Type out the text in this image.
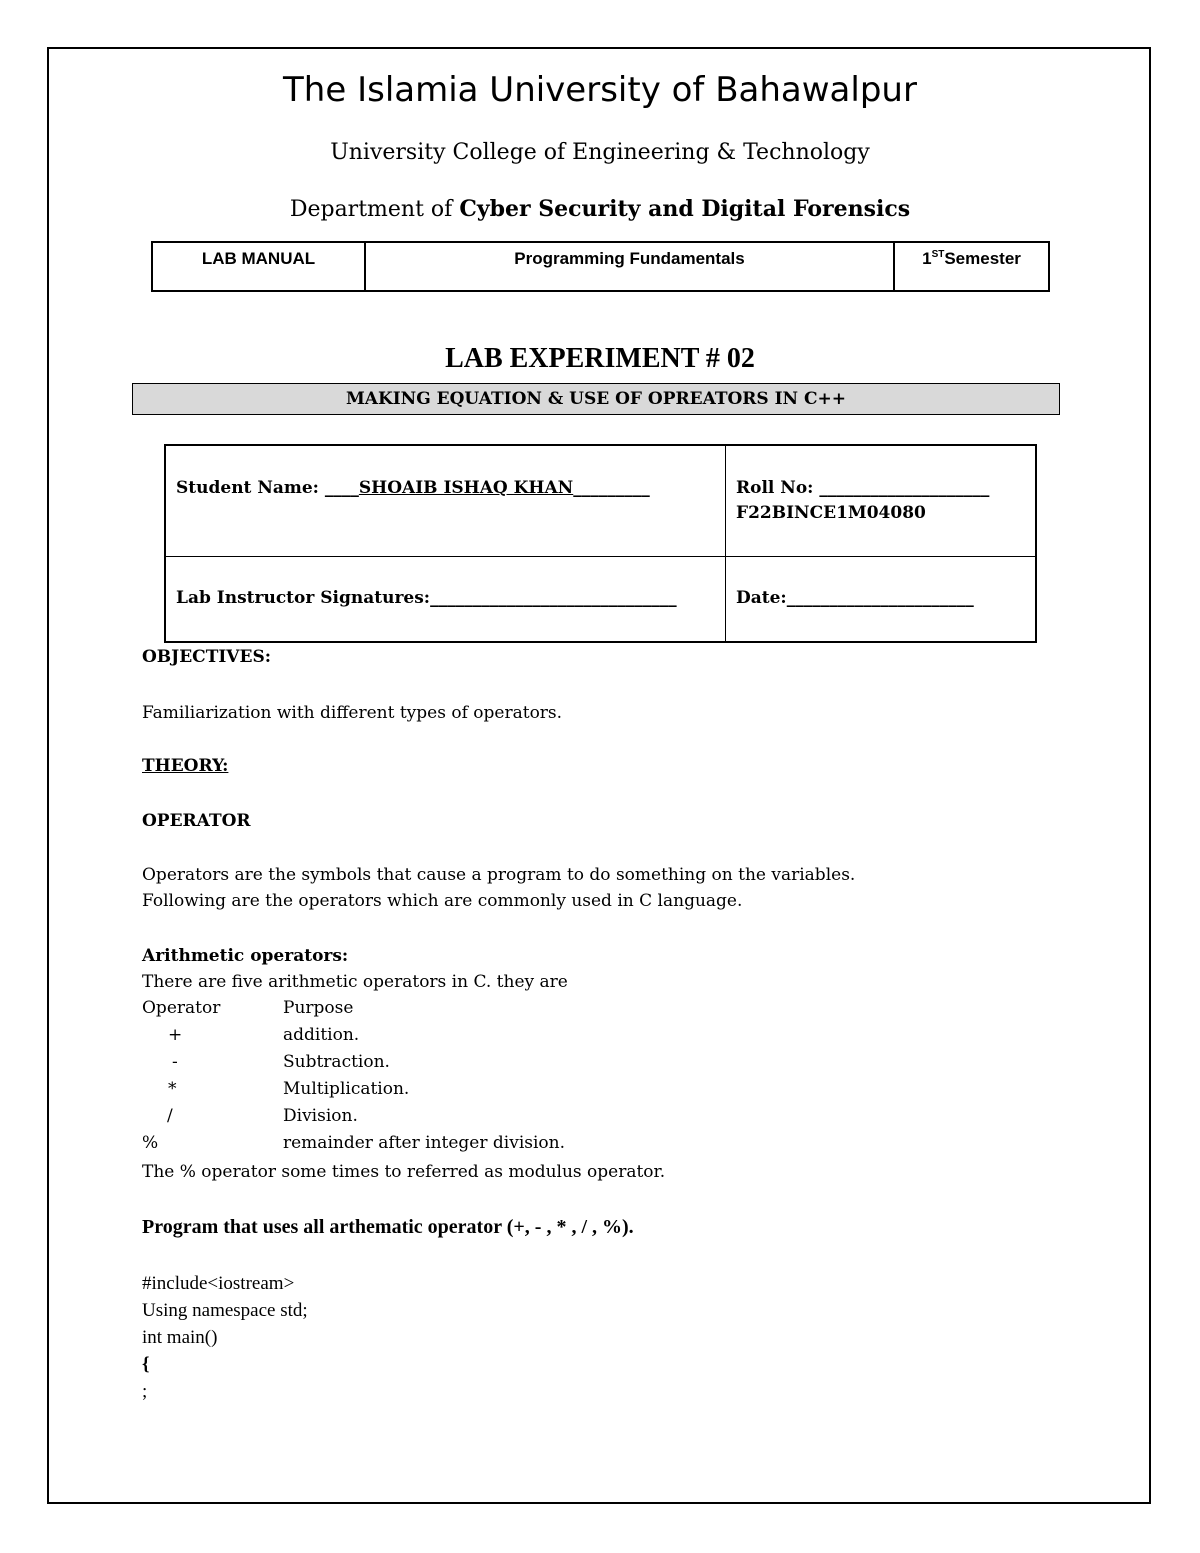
The Islamia University of Bahawalpur
University College of Engineering & Technology
Department of Cyber Security and Digital Forensics
LAB MANUAL	Programming Fundamentals	1ST Semester
LAB EXPERIMENT # 02
MAKING EQUATION & USE OF OPREATORS IN C++
Student Name: ____SHOAIB ISHAQ KHAN_________	Roll No: ____________________
F22BINCE1M04080
Lab Instructor Signatures:_____________________________	Date:______________________
OBJECTIVES:
Familiarization with different types of operators.
THEORY:
OPERATOR
Operators are the symbols that cause a program to do something on the variables.
Following are the operators which are commonly used in C language.
Arithmetic operators:
There are five arithmetic operators in C. they are
Operator	Purpose
+	addition.
-	Subtraction.
*	Multiplication.
/	Division.
%	remainder after integer division.
The % operator some times to referred as modulus operator.
Program that uses all arthematic operator (+, - , * , / , %).
#include<iostream>
Using namespace std;
int main()
{
;
